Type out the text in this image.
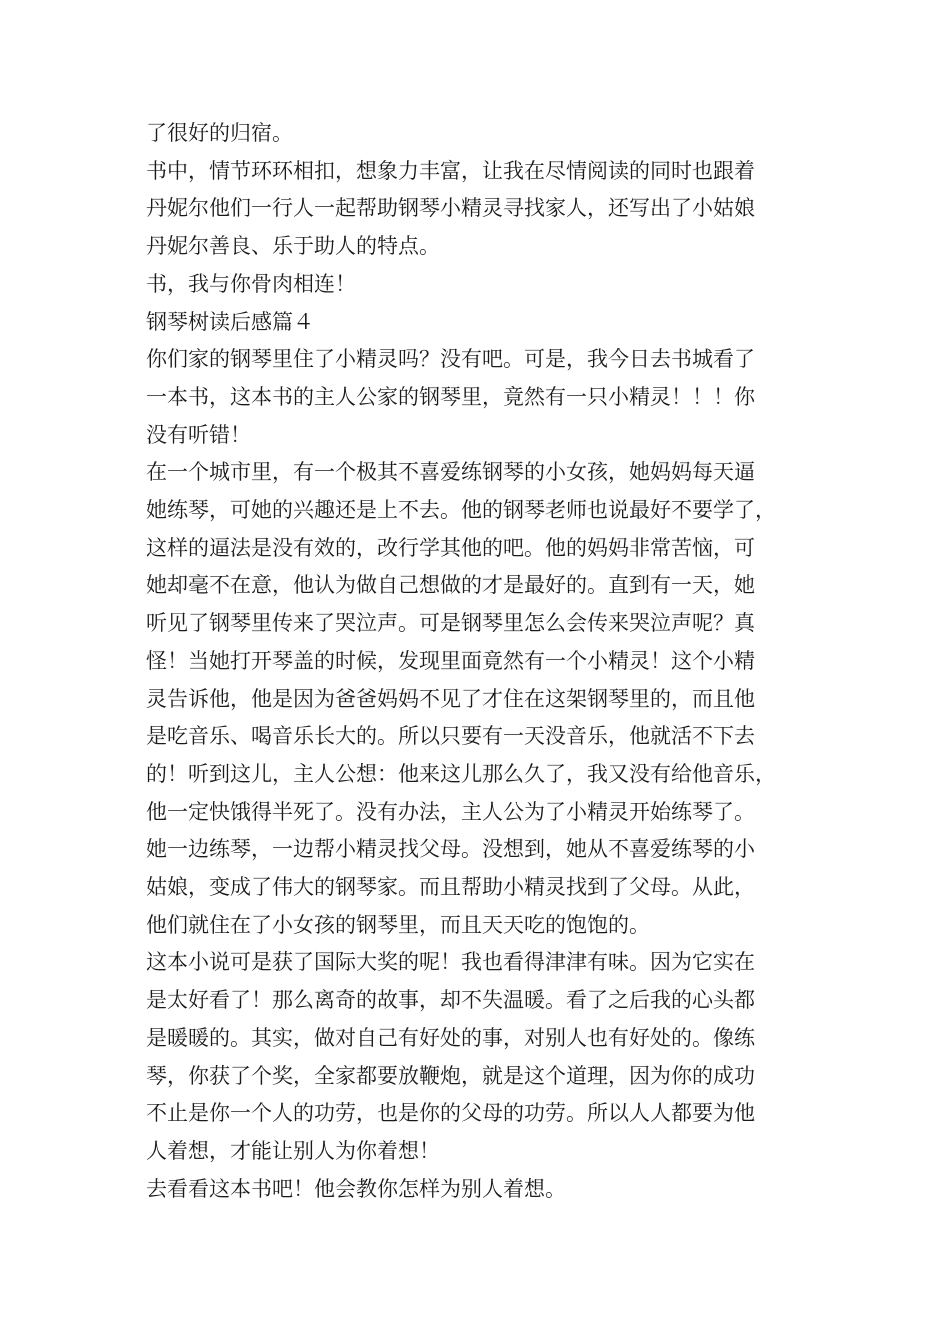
了很好的归宿。

书中，情节环环相扣，想象力丰富，让我在尽情阅读的同时也跟着
丹妮尔他们一行人一起帮助钢琴小精灵寻找家人，还写出了小姑娘
丹妮尔善良、乐于助人的特点。

书，我与你骨肉相连！

钢琴树读后感篇４

你们家的钢琴里住了小精灵吗？没有吧。可是，我今日去书城看了
一本书，这本书的主人公家的钢琴里，竟然有一只小精灵！！！你
没有听错！

在一个城市里，有一个极其不喜爱练钢琴的小女孩，她妈妈每天逼
她练琴，可她的兴趣还是上不去。他的钢琴老师也说最好不要学了，
这样的逼法是没有效的，改行学其他的吧。他的妈妈非常苦恼，可
她却毫不在意，他认为做自己想做的才是最好的。直到有一天，她
听见了钢琴里传来了哭泣声。可是钢琴里怎么会传来哭泣声呢？真
怪！当她打开琴盖的时候，发现里面竟然有一个小精灵！这个小精
灵告诉他，他是因为爸爸妈妈不见了才住在这架钢琴里的，而且他
是吃音乐、喝音乐长大的。所以只要有一天没音乐，他就活不下去
的！听到这儿，主人公想：他来这儿那么久了，我又没有给他音乐，
他一定快饿得半死了。没有办法，主人公为了小精灵开始练琴了。
她一边练琴，一边帮小精灵找父母。没想到，她从不喜爱练琴的小
姑娘，变成了伟大的钢琴家。而且帮助小精灵找到了父母。从此，
他们就住在了小女孩的钢琴里，而且天天吃的饱饱的。

这本小说可是获了国际大奖的呢！我也看得津津有味。因为它实在
是太好看了！那么离奇的故事，却不失温暖。看了之后我的心头都
是暖暖的。其实，做对自己有好处的事，对别人也有好处的。像练
琴，你获了个奖，全家都要放鞭炮，就是这个道理，因为你的成功
不止是你一个人的功劳，也是你的父母的功劳。所以人人都要为他
人着想，才能让别人为你着想！

去看看这本书吧！他会教你怎样为别人着想。
